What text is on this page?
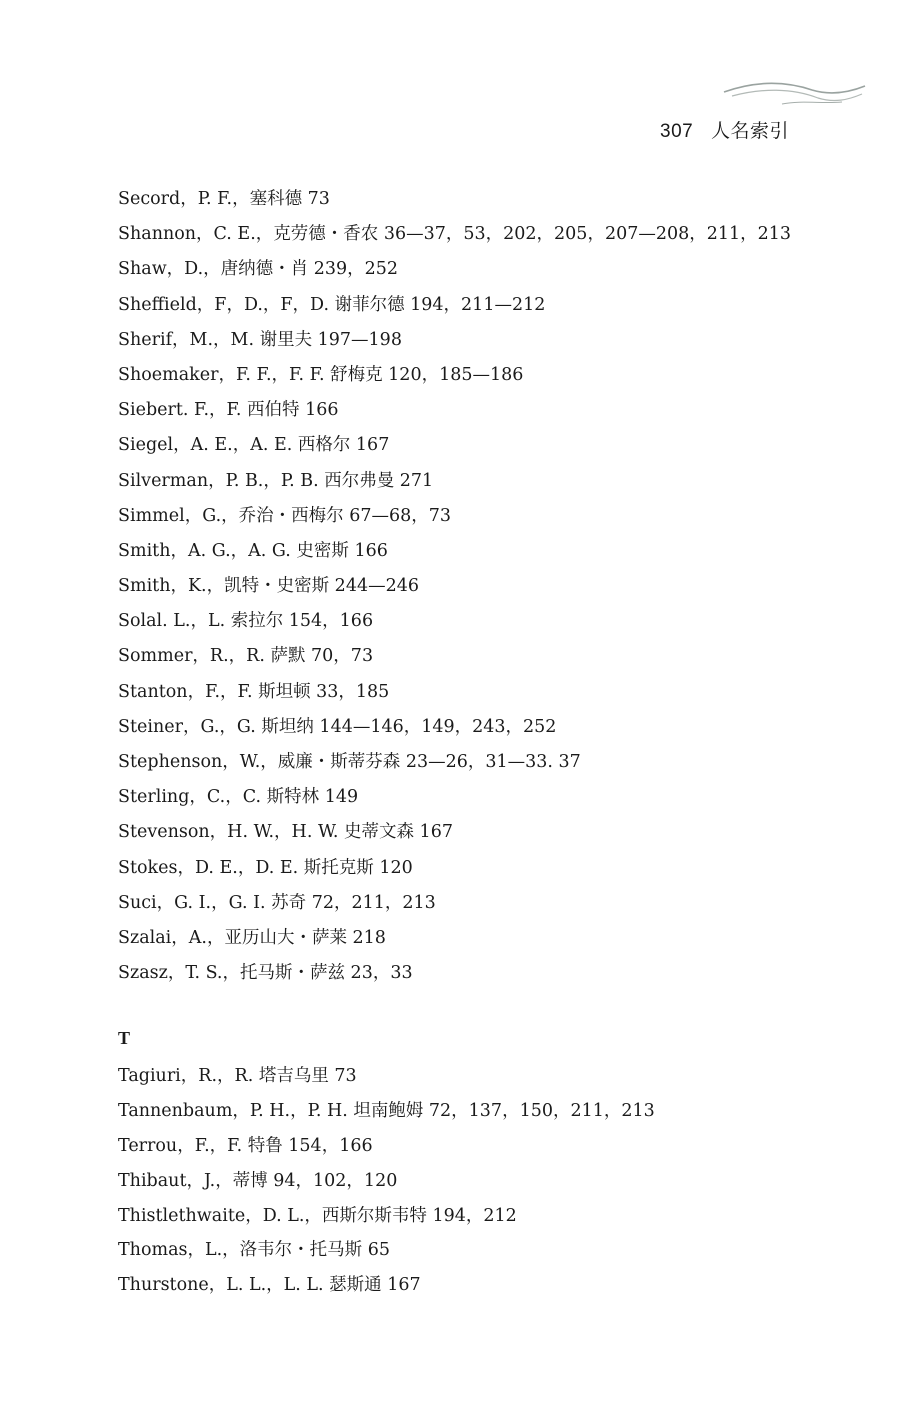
307 人名索引
Secord，P. F.，塞科德 73
Shannon，C. E.，克劳德・香农 36—37，53，202，205，207—208，211，213
Shaw，D.，唐纳德・肖 239，252
Sheffield，F，D.，F，D. 谢菲尔德 194，211—212
Sherif，M.，M. 谢里夫 197—198
Shoemaker，F. F.，F. F. 舒梅克 120，185—186
Siebert. F.，F. 西伯特 166
Siegel，A. E.，A. E. 西格尔 167
Silverman，P. B.，P. B. 西尔弗曼 271
Simmel，G.，乔治・西梅尔 67—68，73
Smith，A. G.，A. G. 史密斯 166
Smith，K.，凯特・史密斯 244—246
Solal. L.，L. 索拉尔 154，166
Sommer，R.，R. 萨默 70，73
Stanton，F.，F. 斯坦顿 33，185
Steiner，G.，G. 斯坦纳 144—146，149，243，252
Stephenson，W.，威廉・斯蒂芬森 23—26，31—33. 37
Sterling，C.，C. 斯特林 149
Stevenson，H. W.，H. W. 史蒂文森 167
Stokes，D. E.，D. E. 斯托克斯 120
Suci，G. I.，G. I. 苏奇 72，211，213
Szalai，A.，亚历山大・萨莱 218
Szasz，T. S.，托马斯・萨兹 23，33
T
Tagiuri，R.，R. 塔吉乌里 73
Tannenbaum，P. H.，P. H. 坦南鲍姆 72，137，150，211，213
Terrou，F.，F. 特鲁 154，166
Thibaut，J.，蒂博 94，102，120
Thistlethwaite，D. L.，西斯尔斯韦特 194，212
Thomas，L.，洛韦尔・托马斯 65
Thurstone，L. L.，L. L. 瑟斯通 167
